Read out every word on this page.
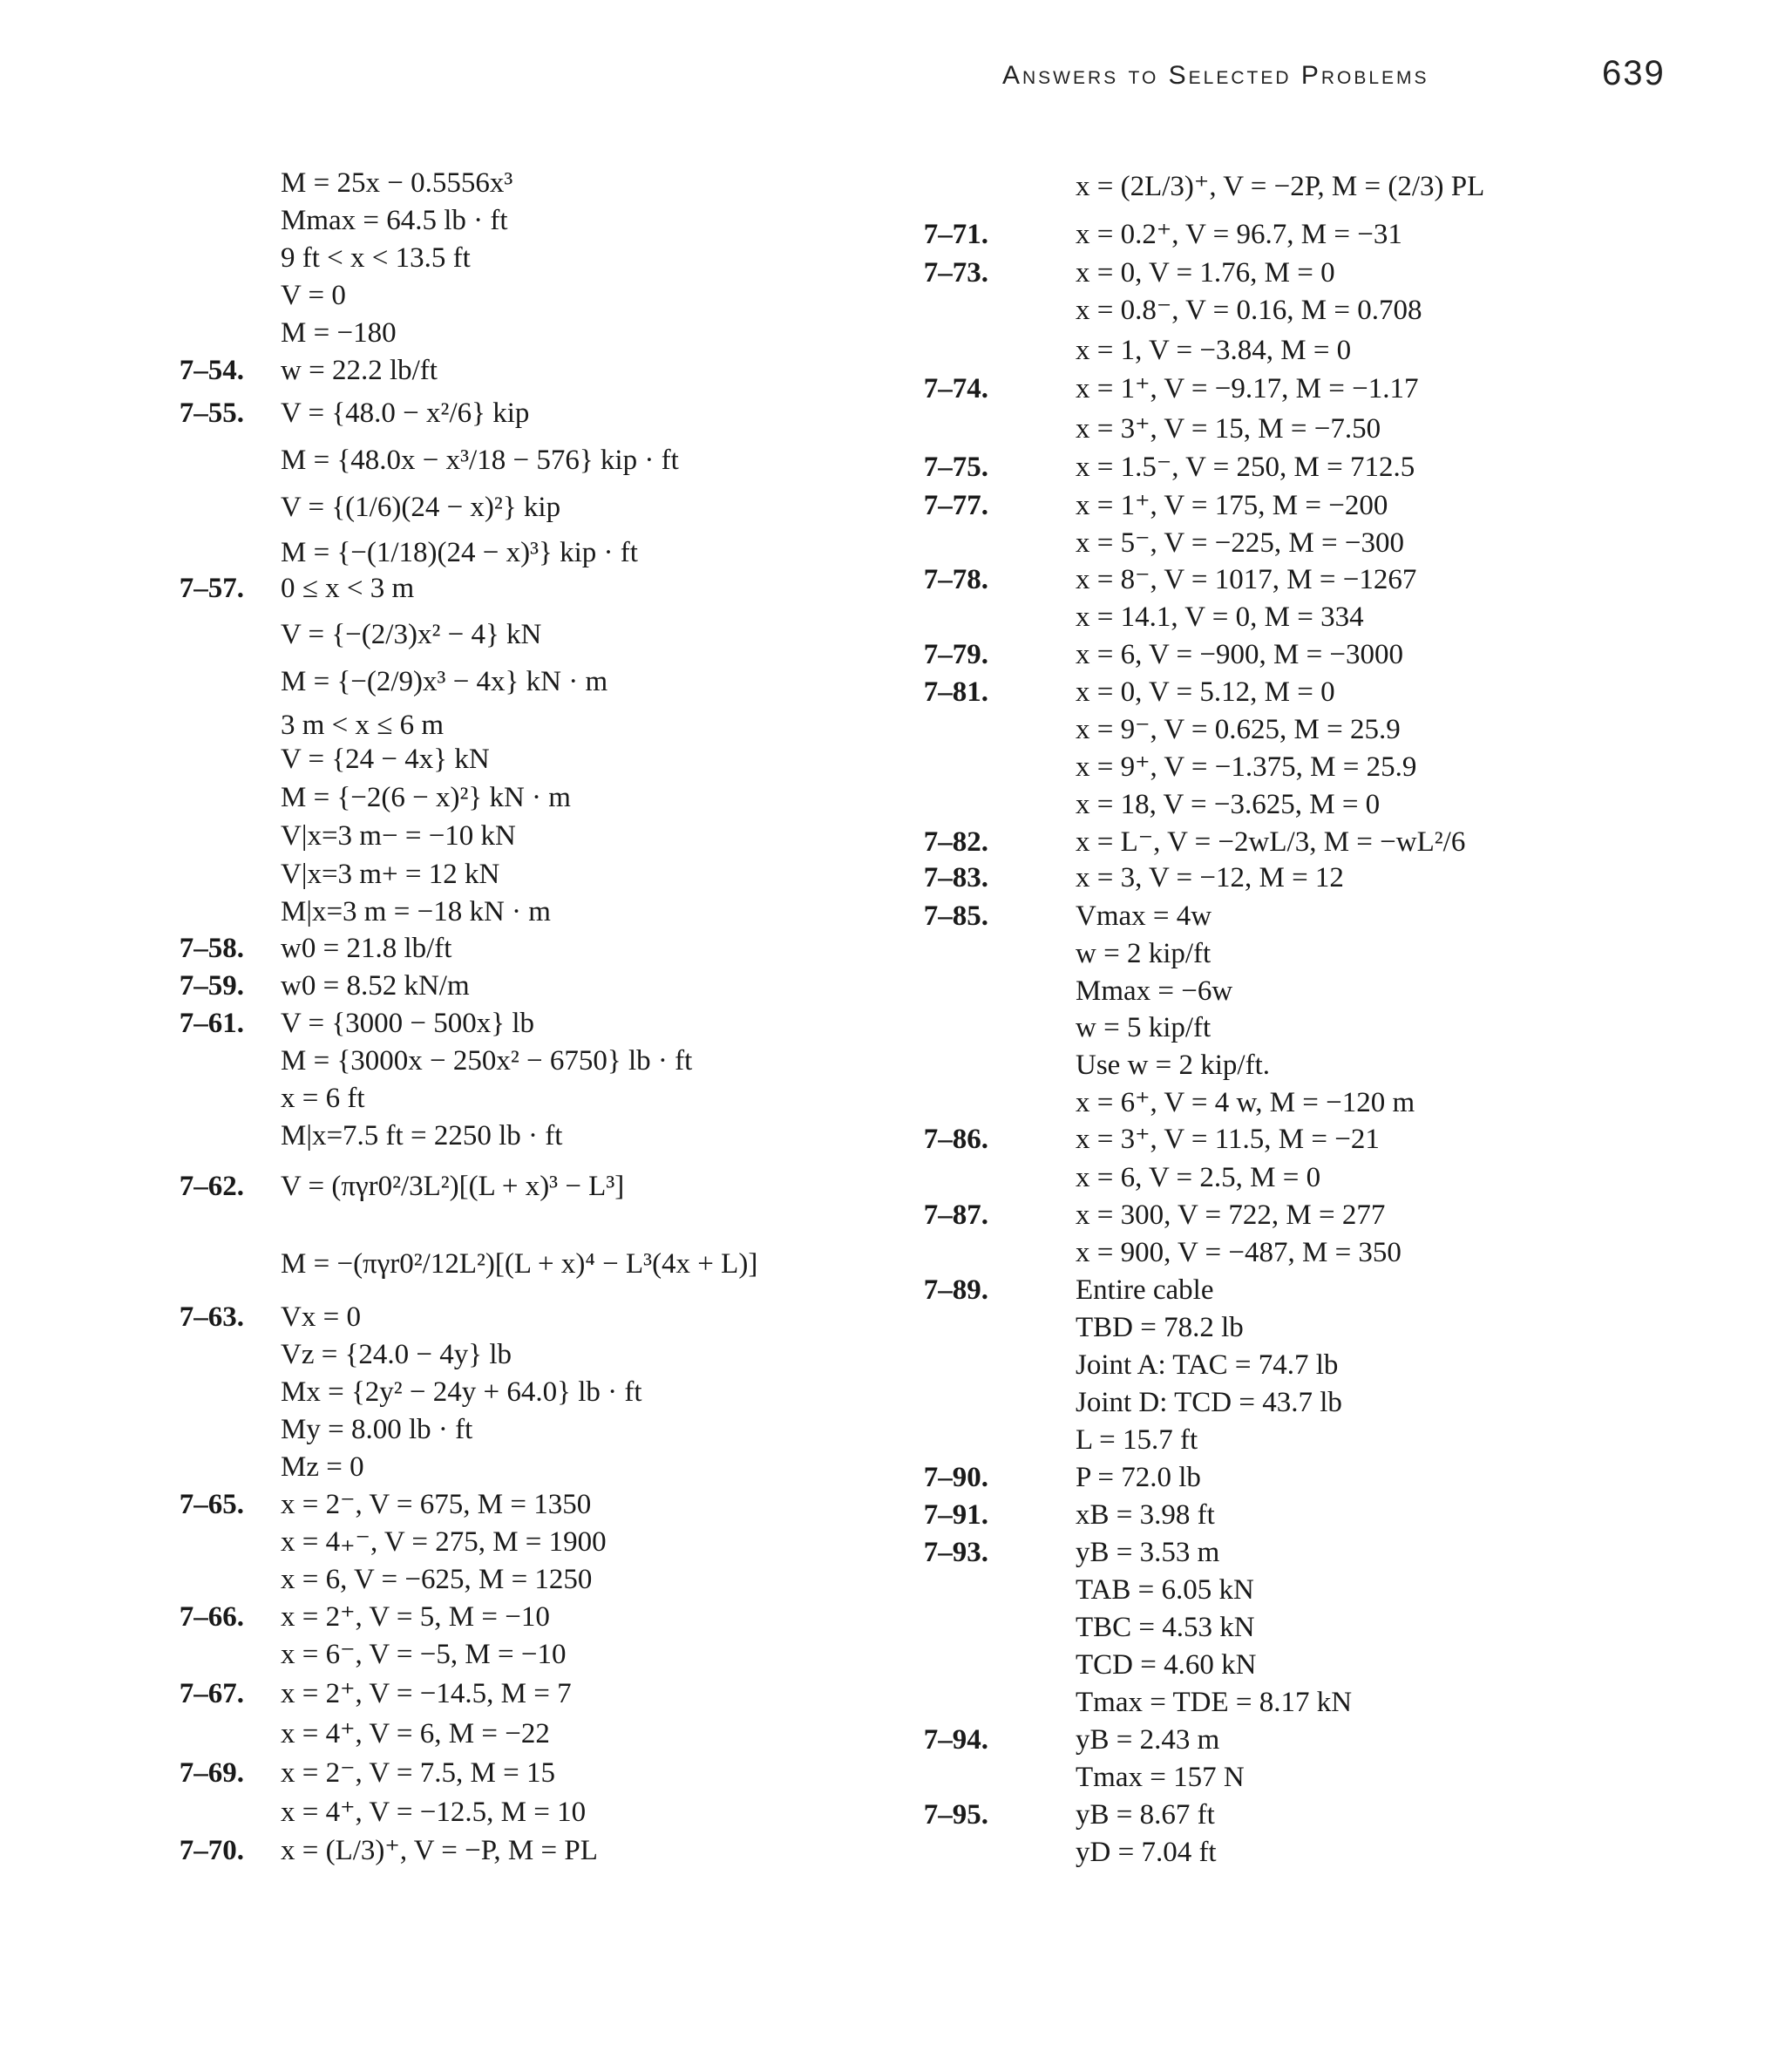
Answers to Selected Problems	639
M = 25x − 0.5556x³
Mmax = 64.5 lb · ft
9 ft < x < 13.5 ft
V = 0
M = −180
7–54. w = 22.2 lb/ft
7–55. V = {48.0 − x²/6} kip
M = {48.0x − x³/18 − 576} kip · ft
V = {(1/6)(24 − x)²} kip
M = {−(1/18)(24 − x)³} kip · ft
7–57. 0 ≤ x < 3 m
V = {−(2/3)x² − 4} kN
M = {−(2/9)x³ − 4x} kN · m
3 m < x ≤ 6 m
V = {24 − 4x} kN
M = {−2(6 − x)²} kN · m
V|x=3 m− = −10 kN
V|x=3 m+ = 12 kN
M|x=3 m = −18 kN · m
7–58. w0 = 21.8 lb/ft
7–59. w0 = 8.52 kN/m
7–61. V = {3000 − 500x} lb
M = {3000x − 250x² − 6750} lb · ft
x = 6 ft
M|x=7.5 ft = 2250 lb · ft
7–62. V = (πγr0²/3L²)[(L + x)³ − L³]
M = −(πγr0²/12L²)[(L + x)⁴ − L³(4x + L)]
7–63. Vx = 0
Vz = {24.0 − 4y} lb
Mx = {2y² − 24y + 64.0} lb · ft
My = 8.00 lb · ft
Mz = 0
7–65. x = 2⁻, V = 675, M = 1350
x = 4₊⁻, V = 275, M = 1900
x = 6, V = −625, M = 1250
7–66. x = 2⁺, V = 5, M = −10
x = 6⁻, V = −5, M = −10
7–67. x = 2⁺, V = −14.5, M = 7
x = 4⁺, V = 6, M = −22
7–69. x = 2⁻, V = 7.5, M = 15
x = 4⁺, V = −12.5, M = 10
7–70. x = (L/3)⁺, V = −P, M = PL
x = (2L/3)⁺, V = −2P, M = (2/3) PL
7–71.	x = 0.2⁺, V = 96.7, M = −31
7–73.	x = 0, V = 1.76, M = 0
x = 0.8⁻, V = 0.16, M = 0.708
x = 1, V = −3.84, M = 0
7–74.	x = 1⁺, V = −9.17, M = −1.17
x = 3⁺, V = 15, M = −7.50
7–75.	x = 1.5⁻, V = 250, M = 712.5
7–77.	x = 1⁺, V = 175, M = −200
x = 5⁻, V = −225, M = −300
7–78.	x = 8⁻, V = 1017, M = −1267
x = 14.1, V = 0, M = 334
7–79.	x = 6, V = −900, M = −3000
7–81.	x = 0, V = 5.12, M = 0
x = 9⁻, V = 0.625, M = 25.9
x = 9⁺, V = −1.375, M = 25.9
x = 18, V = −3.625, M = 0
7–82.	x = L⁻, V = −2wL/3, M = −wL²/6
7–83.	x = 3, V = −12, M = 12
7–85.	Vmax = 4w
w = 2 kip/ft
Mmax = −6w
w = 5 kip/ft
Use w = 2 kip/ft.
x = 6⁺, V = 4 w, M = −120 m
7–86.	x = 3⁺, V = 11.5, M = −21
x = 6, V = 2.5, M = 0
7–87.	x = 300, V = 722, M = 277
x = 900, V = −487, M = 350
7–89.	Entire cable
TBD = 78.2 lb
Joint A: TAC = 74.7 lb
Joint D: TCD = 43.7 lb
L = 15.7 ft
7–90.	P = 72.0 lb
7–91.	xB = 3.98 ft
7–93.	yB = 3.53 m
TAB = 6.05 kN
TBC = 4.53 kN
TCD = 4.60 kN
Tmax = TDE = 8.17 kN
7–94.	yB = 2.43 m
Tmax = 157 N
7–95.	yB = 8.67 ft
yD = 7.04 ft
